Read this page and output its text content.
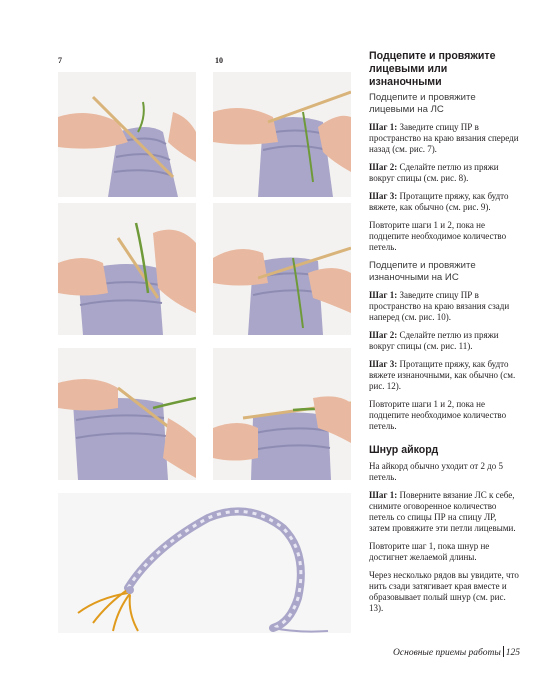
7	10	Подцепите и провяжите лицевыми или изнаночными
Подцепите и провяжите лицевыми на ЛС
Шаг 1: Заведите спицу ПР в пространство на краю вязания спереди назад (см. рис. 7).
Шаг 2: Сделайте петлю из пряжи вокруг спицы (см. рис. 8).
Шаг 3: Протащите пряжу, как будто вяжете, как обычно (см. рис. 9).
Повторите шаги 1 и 2, пока не подцепите необходимое количество петель.
Подцепите и провяжите изнаночными на ИС
Шаг 1: Заведите спицу ПР в пространство на краю вязания сзади наперед (см. рис. 10).
Шаг 2: Сделайте петлю из пряжи вокруг спицы (см. рис. 11).
Шаг 3: Протащите пряжу, как будто вяжете изнаночными, как обычно (см. рис. 12).
Повторите шаги 1 и 2, пока не подцепите необходимое количество петель.
Шнур айкорд
На айкорд обычно уходит от 2 до 5 петель.
Шаг 1: Поверните вязание ЛС к себе, снимите оговоренное количество петель со спицы ПР на спицу ЛР, затем провяжите эти петли лицевыми.
Повторите шаг 1, пока шнур не достигнет желаемой длины.
Через несколько рядов вы увидите, что нить сзади затягивает края вместе и образовывает полый шнур (см. рис. 13).
Основные приемы работы 125
